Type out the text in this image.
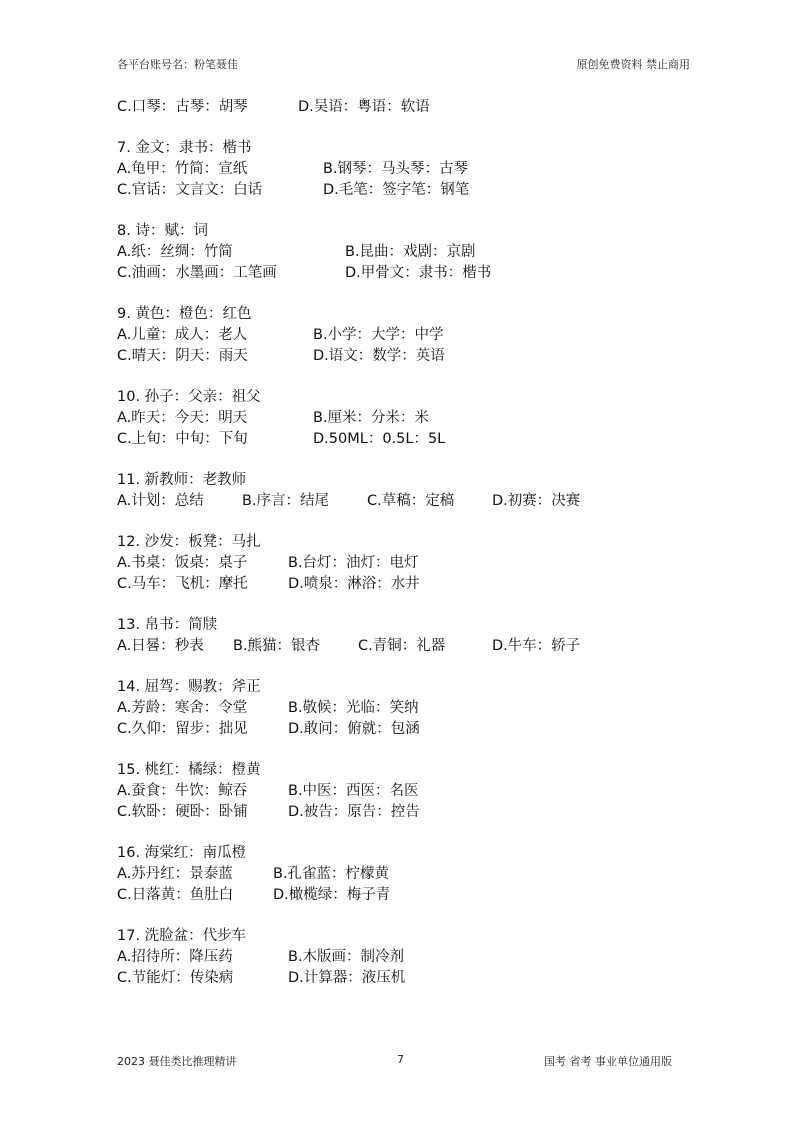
各平台账号名：粉笔聂佳	原创免费资料 禁止商用
C.口琴：古琴：胡琴	D.吴语：粤语：软语
7. 金文：隶书：楷书
A.龟甲：竹简：宣纸	B.钢琴：马头琴：古琴
C.官话：文言文：白话	D.毛笔：签字笔：钢笔
8. 诗：赋：词
A.纸：丝绸：竹简	B.昆曲：戏剧：京剧
C.油画：水墨画：工笔画	D.甲骨文：隶书：楷书
9. 黄色：橙色：红色
A.儿童：成人：老人	B.小学：大学：中学
C.晴天：阴天：雨天	D.语文：数学：英语
10. 孙子：父亲：祖父
A.昨天：今天：明天	B.厘米：分米：米
C.上旬：中旬：下旬	D.50ML：0.5L：5L
11. 新教师：老教师
A.计划：总结	B.序言：结尾	C.草稿：定稿	D.初赛：决赛
12. 沙发：板凳：马扎
A.书桌：饭桌：桌子	B.台灯：油灯：电灯
C.马车：飞机：摩托	D.喷泉：淋浴：水井
13. 帛书：简牍
A.日晷：秒表 B.熊猫：银杏	C.青铜：礼器	D.牛车：轿子
14. 屈驾：赐教：斧正
A.芳龄：寒舍：令堂	B.敬候：光临：笑纳
C.久仰：留步：拙见	D.敢问：俯就：包涵
15. 桃红：橘绿：橙黄
A.蚕食：牛饮：鲸吞	B.中医：西医：名医
C.软卧：硬卧：卧铺	D.被告：原告：控告
16. 海棠红：南瓜橙
A.苏丹红：景泰蓝	B.孔雀蓝：柠檬黄
C.日落黄：鱼肚白	D.橄榄绿：梅子青
17. 洗脸盆：代步车
A.招待所：降压药	B.木版画：制冷剂
C.节能灯：传染病	D.计算器：液压机
2023 聂佳类比推理精讲	7	国考 省考 事业单位通用版
